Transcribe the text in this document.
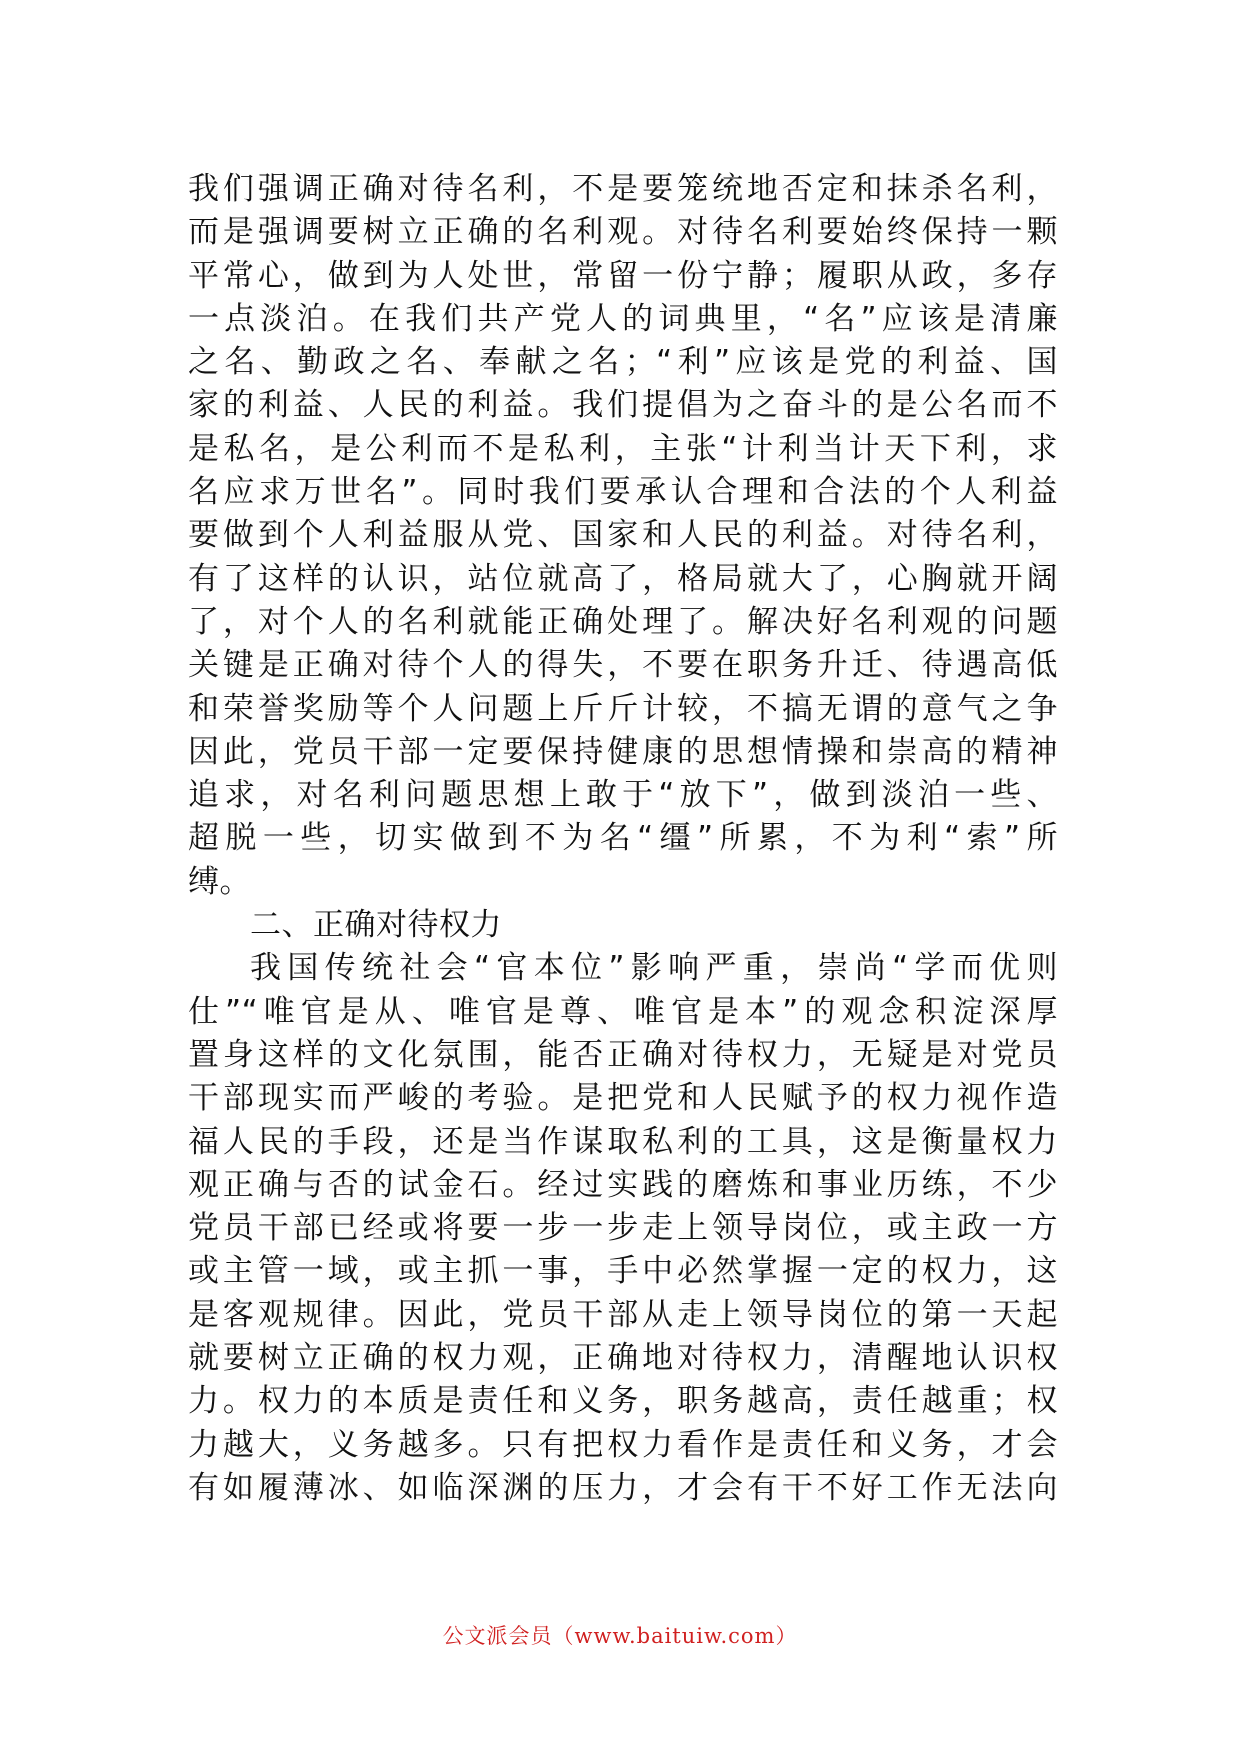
我们强调正确对待名利，不是要笼统地否定和抹杀名利，
而是强调要树立正确的名利观。对待名利要始终保持一颗
平常心，做到为人处世，常留一份宁静；履职从政，多存
一点淡泊。在我们共产党人的词典里，“名”应该是清廉
之名、勤政之名、奉献之名；“利”应该是党的利益、国
家的利益、人民的利益。我们提倡为之奋斗的是公名而不
是私名，是公利而不是私利，主张“计利当计天下利，求
名应求万世名”。同时我们要承认合理和合法的个人利益
要做到个人利益服从党、国家和人民的利益。对待名利，
有了这样的认识，站位就高了，格局就大了，心胸就开阔
了，对个人的名利就能正确处理了。解决好名利观的问题
关键是正确对待个人的得失，不要在职务升迁、待遇高低
和荣誉奖励等个人问题上斤斤计较，不搞无谓的意气之争
因此，党员干部一定要保持健康的思想情操和崇高的精神
追求，对名利问题思想上敢于“放下”，做到淡泊一些、
超脱一些，切实做到不为名“缰”所累，不为利“索”所
缚。
二、正确对待权力
我国传统社会“官本位”影响严重，崇尚“学而优则
仕”“唯官是从、唯官是尊、唯官是本”的观念积淀深厚
置身这样的文化氛围，能否正确对待权力，无疑是对党员
干部现实而严峻的考验。是把党和人民赋予的权力视作造
福人民的手段，还是当作谋取私利的工具，这是衡量权力
观正确与否的试金石。经过实践的磨炼和事业历练，不少
党员干部已经或将要一步一步走上领导岗位，或主政一方
或主管一域，或主抓一事，手中必然掌握一定的权力，这
是客观规律。因此，党员干部从走上领导岗位的第一天起
就要树立正确的权力观，正确地对待权力，清醒地认识权
力。权力的本质是责任和义务，职务越高，责任越重；权
力越大，义务越多。只有把权力看作是责任和义务，才会
有如履薄冰、如临深渊的压力，才会有干不好工作无法向
公文派会员（www.baituiw.com）
